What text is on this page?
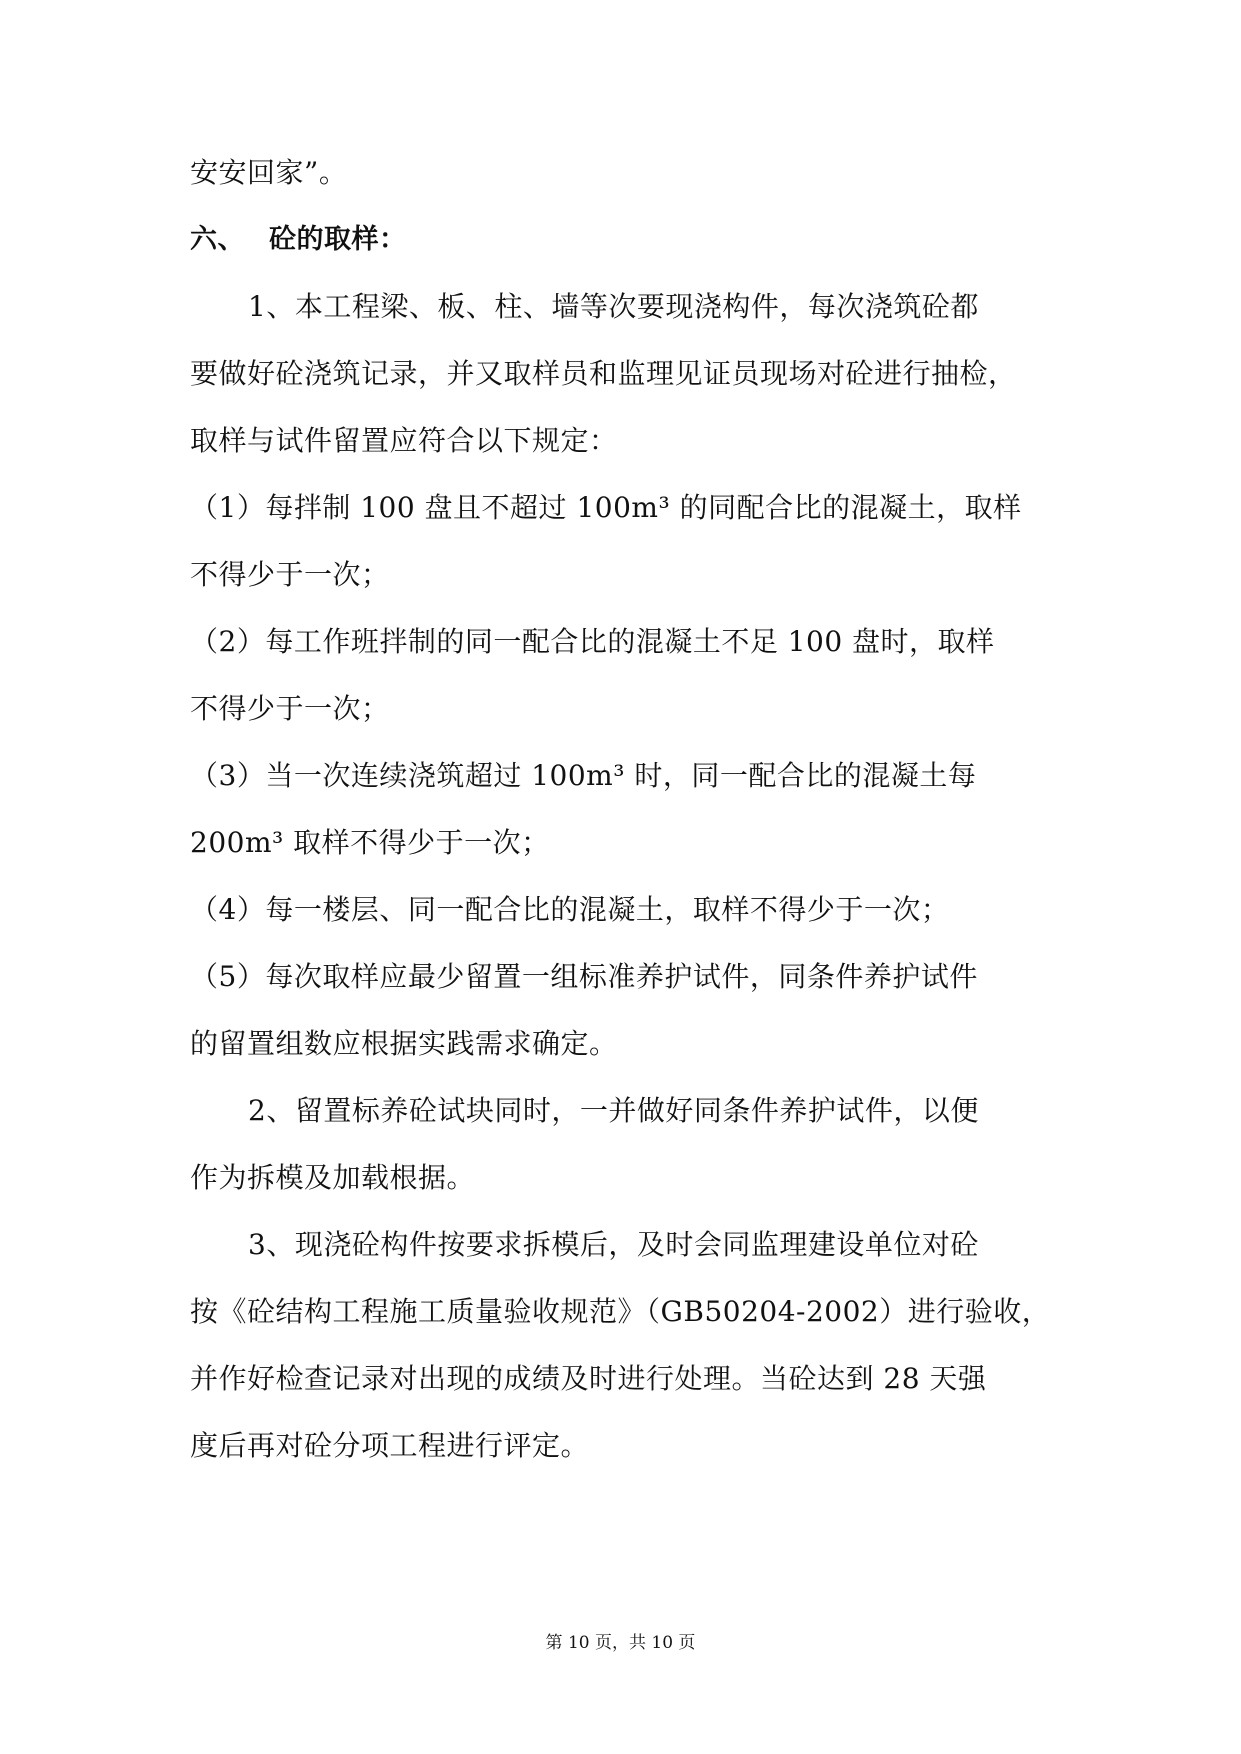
安安回家”。

六、 砼的取样：

1、本工程梁、板、柱、墙等次要现浇构件，每次浇筑砼都

要做好砼浇筑记录，并又取样员和监理见证员现场对砼进行抽检，

取样与试件留置应符合以下规定：

（1）每拌制 100 盘且不超过 100m³ 的同配合比的混凝土，取样

不得少于一次；

（2）每工作班拌制的同一配合比的混凝土不足 100 盘时，取样

不得少于一次；

（3）当一次连续浇筑超过 100m³ 时，同一配合比的混凝土每

200m³ 取样不得少于一次；

（4）每一楼层、同一配合比的混凝土，取样不得少于一次；

（5）每次取样应最少留置一组标准养护试件，同条件养护试件

的留置组数应根据实践需求确定。

2、留置标养砼试块同时，一并做好同条件养护试件，以便

作为拆模及加载根据。

3、现浇砼构件按要求拆模后，及时会同监理建设单位对砼

按《砼结构工程施工质量验收规范》（GB50204-2002）进行验收，

并作好检查记录对出现的成绩及时进行处理。当砼达到 28 天强

度后再对砼分项工程进行评定。

第 10 页，共 10 页
